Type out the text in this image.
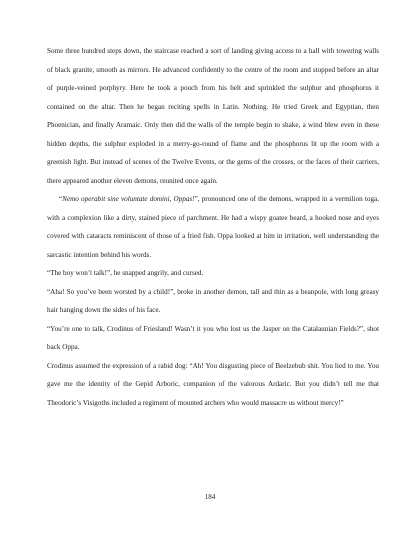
Some three hundred steps down, the staircase reached a sort of landing giving access to a hall with towering walls of black granite, smooth as mirrors. He advanced confidently to the centre of the room and stopped before an altar of purple-veined porphyry. Here he took a pouch from his belt and sprinkled the sulphur and phosphorus it contained on the altar. Then he began reciting spells in Latin. Nothing. He tried Greek and Egyptian, then Phoenician, and finally Aramaic. Only then did the walls of the temple begin to shake, a wind blew even in these hidden depths, the sulphur exploded in a merry-go-round of flame and the phosphorus lit up the room with a greenish light. But instead of scenes of the Twelve Events, or the gems of the crosses, or the faces of their carriers, there appeared another eleven demons, reunited once again.

“Nemo operabit sine voluntate domini, Oppas!”, pronounced one of the demons, wrapped in a vermilion toga, with a complexion like a dirty, stained piece of parchment. He had a wispy goatee beard, a hooked nose and eyes covered with cataracts reminiscent of those of a fried fish. Oppa looked at him in irritation, well understanding the sarcastic intention behind his words.

“The boy won’t talk!”, he snapped angrily, and cursed.

“Aha! So you’ve been worsted by a child!”, broke in another demon, tall and thin as a beanpole, with long greasy hair hanging down the sides of his face.

“You’re one to talk, Crodinus of Friesland! Wasn’t it you who lost us the Jasper on the Catalaunian Fields?”, shot back Oppa.

Crodinus assumed the expression of a rabid dog: “Ah! You disgusting piece of Beelzebub shit. You lied to me. You gave me the identity of the Gepid Arboric, companion of the valorous Ardaric. But you didn’t tell me that Theodoric’s Visigoths included a regiment of mounted archers who would massacre us without mercy!”

184
